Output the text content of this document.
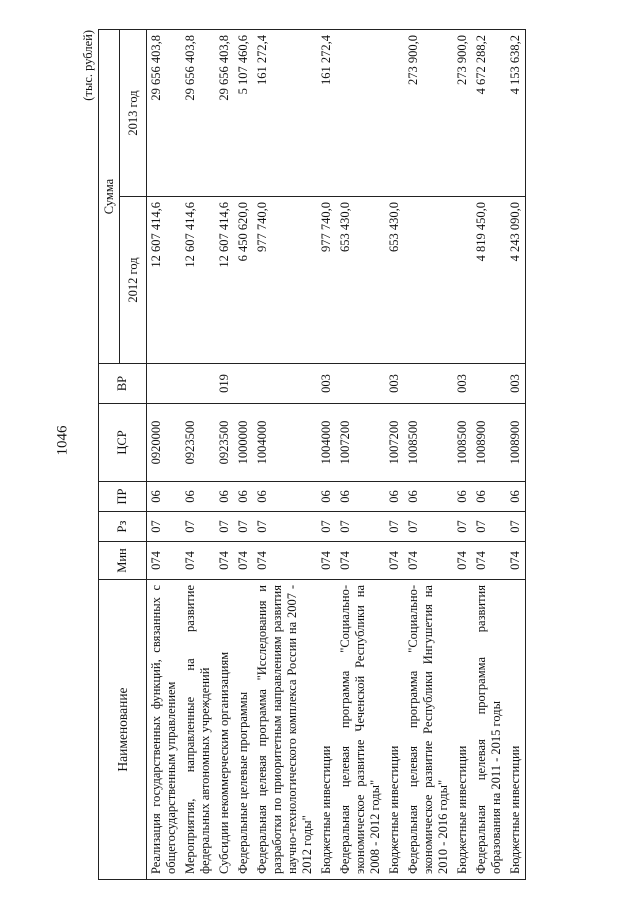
1046
(тыс. рублей)
Наименование	Мин	Рз	ПР	ЦСР	ВР	Сумма	
						2012 год	2013 год
Реализация государственных функций, связанных с общегосударственным управлением	074	07	06	0920000		12 607 414,6	29 656 403,8
Мероприятия, направленные на развитие федеральных автономных учреждений	074	07	06	0923500		12 607 414,6	29 656 403,8
Субсидии некоммерческим организациям	074	07	06	0923500	019	12 607 414,6	29 656 403,8
Федеральные целевые программы	074	07	06	1000000		6 450 620,0	5 107 460,6
Федеральная целевая программа "Исследования и разработки по приоритетным направлениям развития научно-технологического комплекса России на 2007 - 2012 годы"	074	07	06	1004000		977 740,0	161 272,4
Бюджетные инвестиции	074	07	06	1004000	003	977 740,0	161 272,4
Федеральная целевая программа "Социально-экономическое развитие Чеченской Республики на 2008 - 2012 годы"	074	07	06	1007200		653 430,0	
Бюджетные инвестиции	074	07	06	1007200	003	653 430,0	
Федеральная целевая программа "Социально-экономическое развитие Республики Ингушетия на 2010 - 2016 годы"	074	07	06	1008500			273 900,0
Бюджетные инвестиции	074	07	06	1008500	003		273 900,0
Федеральная целевая программа развития образования на 2011 - 2015 годы	074	07	06	1008900		4 819 450,0	4 672 288,2
Бюджетные инвестиции	074	07	06	1008900	003	4 243 090,0	4 153 638,2
